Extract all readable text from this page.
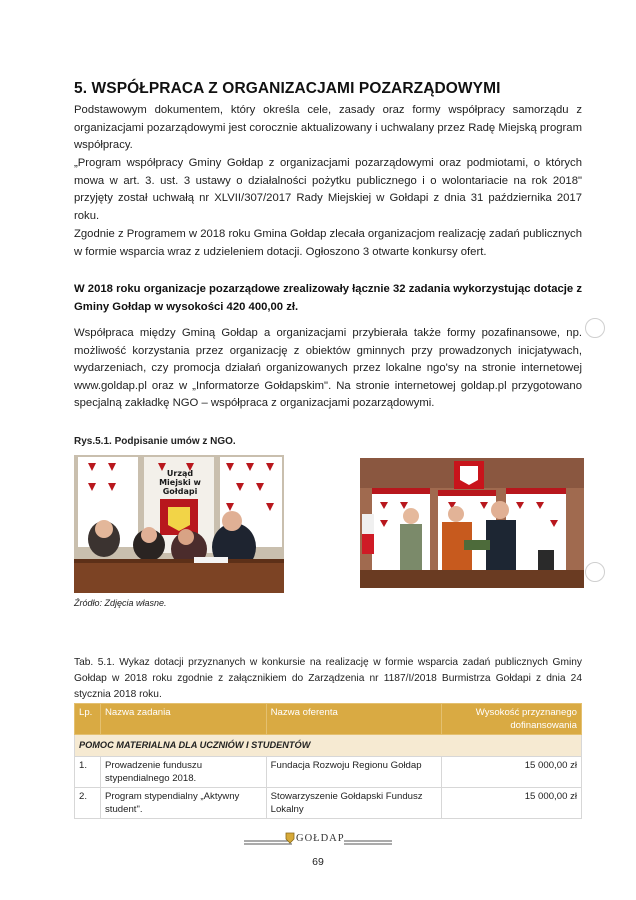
5. WSPÓŁPRACA Z ORGANIZACJAMI POZARZĄDOWYMI

Podstawowym dokumentem, który określa cele, zasady oraz formy współpracy samorządu z organizacjami pozarządowymi jest corocznie aktualizowany i uchwalany przez Radę Miejską program współpracy.

„Program współpracy Gminy Gołdap z organizacjami pozarządowymi oraz podmiotami, o których mowa w art. 3. ust. 3 ustawy o działalności pożytku publicznego i o wolontariacie na rok 2018" przyjęty został uchwałą nr XLVII/307/2017 Rady Miejskiej w Gołdapi z dnia 31 października 2017 roku.

Zgodnie z Programem w 2018 roku Gmina Gołdap zlecała organizacjom realizację zadań publicznych w formie wsparcia wraz z udzieleniem dotacji. Ogłoszono 3 otwarte konkursy ofert.

W 2018 roku organizacje pozarządowe zrealizowały łącznie 32 zadania wykorzystując dotacje z Gminy Gołdap w wysokości 420 400,00 zł.

Współpraca między Gminą Gołdap a organizacjami przybierała także formy pozafinansowe, np. możliwość korzystania przez organizację z obiektów gminnych przy prowadzonych inicjatywach, wydarzeniach, czy promocja działań organizowanych przez lokalne ngo'sy na stronie internetowej www.goldap.pl oraz w „Informatorze Gołdapskim". Na stronie internetowej goldap.pl przygotowano specjalną zakładkę NGO – współpraca z organizacjami pozarządowymi.

Rys.5.1. Podpisanie umów z NGO.
Urząd Miejski w Gołdapi
Źródło: Zdjęcia własne.

Tab. 5.1. Wykaz dotacji przyznanych w konkursie na realizację w formie wsparcia zadań publicznych Gminy Gołdap w 2018 roku zgodnie z załącznikiem do Zarządzenia nr 1187/I/2018 Burmistrza Gołdapi z dnia 24 stycznia 2018 roku.

Lp.	Nazwa zadania	Nazwa oferenta	Wysokość przyznanego dofinansowania
POMOC MATERIALNA DLA UCZNIÓW I STUDENTÓW			
1.	Prowadzenie funduszu stypendialnego 2018.	Fundacja Rozwoju Regionu Gołdap	15 000,00 zł
2.	Program stypendialny „Aktywny student".	Stowarzyszenie Gołdapski Fundusz Lokalny	15 000,00 zł
GOŁDAP
69
